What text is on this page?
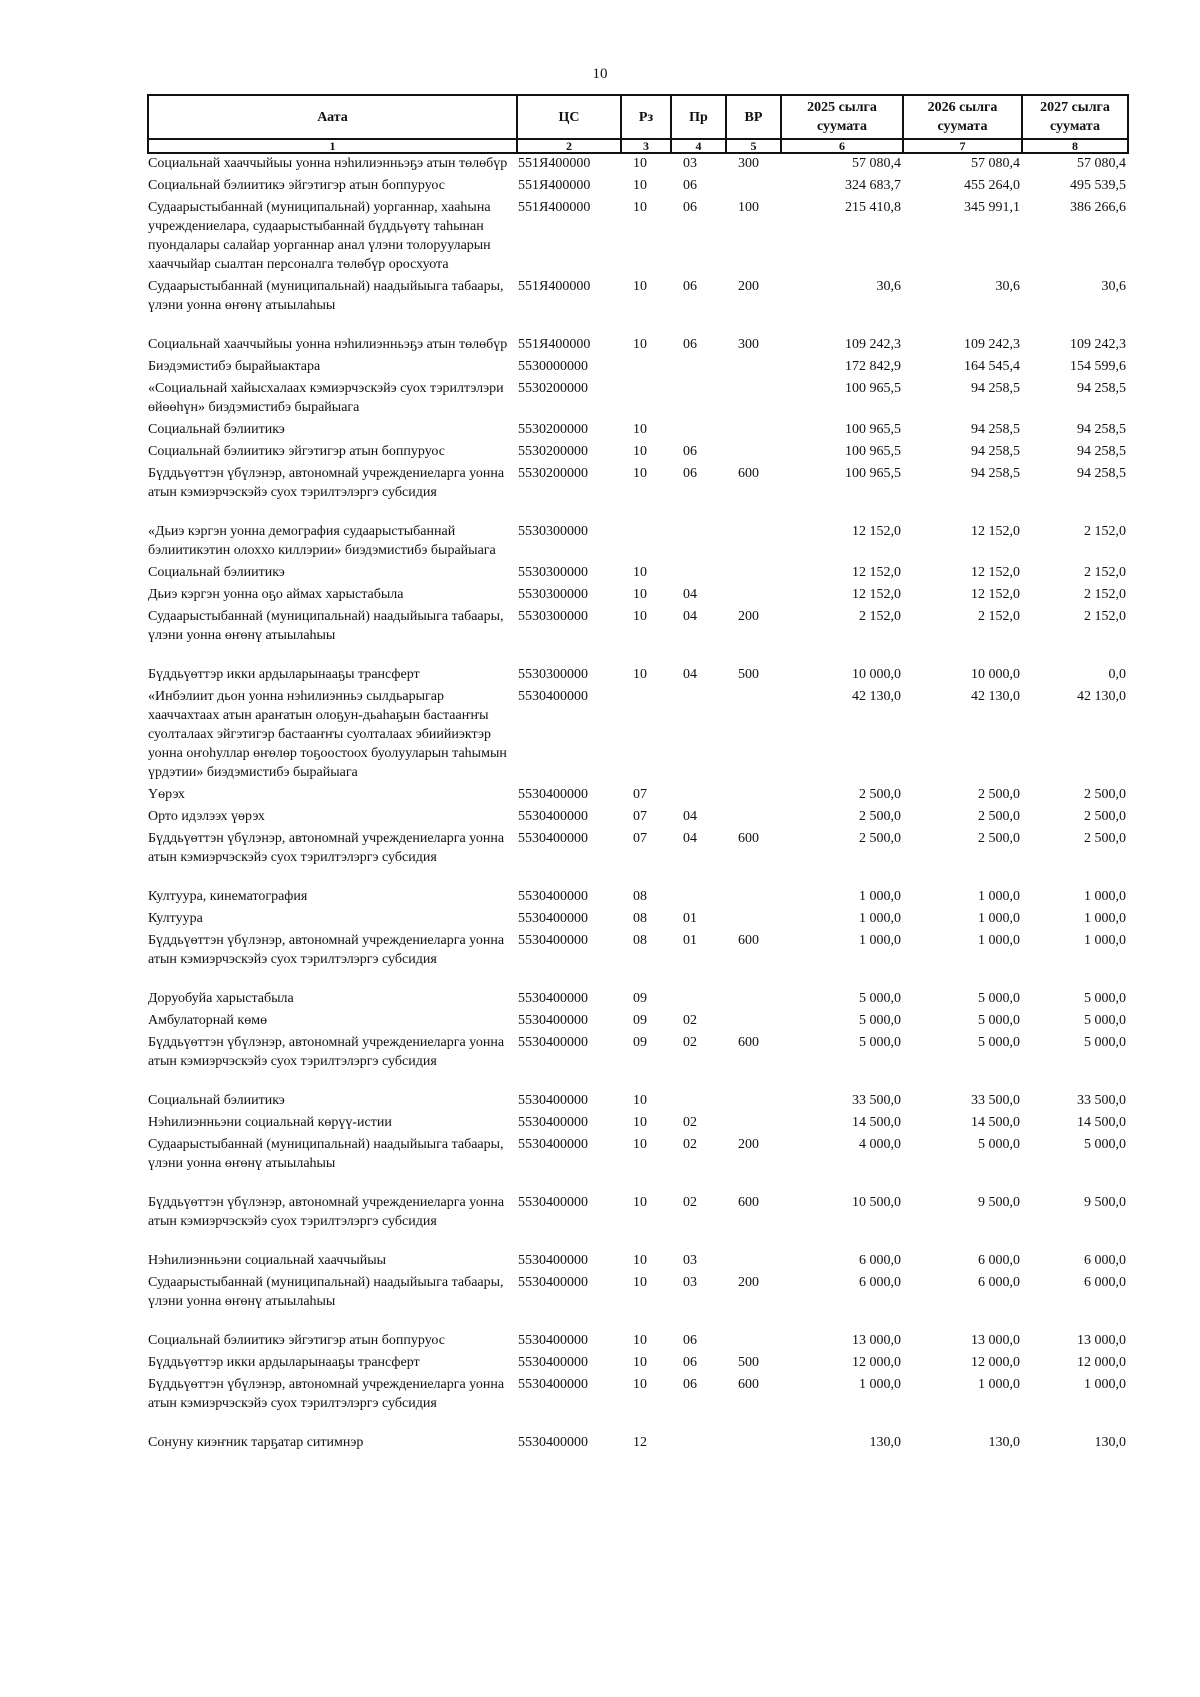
10
Аата	ЦС	Рз	Пр	ВР	2025 сылга суумата	2026 сылга суумата	2027 сылга суумата
1	2	3	4	5	6	7	8
Социальнай хааччыйыы уонна нэһилиэнньэҕэ атын төлөбүр	551Я400000	10	03	300	57 080,4	57 080,4	57 080,4
Социальнай бэлиитикэ эйгэтигэр атын боппуруос	551Я400000	10	06		324 683,7	455 264,0	495 539,5
Судаарыстыбаннай (муниципальнай) уорганнар, хааһына учреждениелара, судаарыстыбаннай бүддьүөтү таһынан пуондалары салайар уорганнар анал үлэни толорууларын хааччыйар сыалтан персоналга төлөбүр оросхуота	551Я400000	10	06	100	215 410,8	345 991,1	386 266,6
Судаарыстыбаннай (муниципальнай) наадыйыыга табаары, үлэни уонна өҥөнү атыылаһыы	551Я400000	10	06	200	30,6	30,6	30,6
Социальнай хааччыйыы уонна нэһилиэнньэҕэ атын төлөбүр	551Я400000	10	06	300	109 242,3	109 242,3	109 242,3
Биэдэмистибэ бырайыактара	5530000000				172 842,9	164 545,4	154 599,6
«Социальнай хайысхалаах кэмиэрчэскэйэ суох тэрилтэлэри өйөөһүн» биэдэмистибэ бырайыага	5530200000				100 965,5	94 258,5	94 258,5
Социальнай бэлиитикэ	5530200000	10			100 965,5	94 258,5	94 258,5
Социальнай бэлиитикэ эйгэтигэр атын боппуруос	5530200000	10	06		100 965,5	94 258,5	94 258,5
Бүддьүөттэн үбүлэнэр, автономнай учреждениеларга уонна атын кэмиэрчэскэйэ суох тэрилтэлэргэ субсидия	5530200000	10	06	600	100 965,5	94 258,5	94 258,5
«Дьиэ кэргэн уонна демография судаарыстыбаннай бэлиитикэтин олоххо киллэрии» биэдэмистибэ бырайыага	5530300000				12 152,0	12 152,0	2 152,0
Социальнай бэлиитикэ	5530300000	10			12 152,0	12 152,0	2 152,0
Дьиэ кэргэн уонна оҕо аймах харыстабыла	5530300000	10	04		12 152,0	12 152,0	2 152,0
Судаарыстыбаннай (муниципальнай) наадыйыыга табаары, үлэни уонна өҥөнү атыылаһыы	5530300000	10	04	200	2 152,0	2 152,0	2 152,0
Бүддьүөттэр икки ардыларынааҕы трансферт	5530300000	10	04	500	10 000,0	10 000,0	0,0
«Инбэлиит дьон уонна нэһилиэнньэ сылдьарыгар хааччахтаах атын араҥатын олоҕун-дьаһаҕын бастааҥҥы суолталаах эйгэтигэр бастааҥҥы суолталаах эбиийиэктэр уонна оҥоһуллар өҥөлөр тоҕоостоох буолууларын таһымын үрдэтии» биэдэмистибэ бырайыага	5530400000				42 130,0	42 130,0	42 130,0
Үөрэх	5530400000	07			2 500,0	2 500,0	2 500,0
Орто идэлээх үөрэх	5530400000	07	04		2 500,0	2 500,0	2 500,0
Бүддьүөттэн үбүлэнэр, автономнай учреждениеларга уонна атын кэмиэрчэскэйэ суох тэрилтэлэргэ субсидия	5530400000	07	04	600	2 500,0	2 500,0	2 500,0
Култуура, кинематография	5530400000	08			1 000,0	1 000,0	1 000,0
Култуура	5530400000	08	01		1 000,0	1 000,0	1 000,0
Бүддьүөттэн үбүлэнэр, автономнай учреждениеларга уонна атын кэмиэрчэскэйэ суох тэрилтэлэргэ субсидия	5530400000	08	01	600	1 000,0	1 000,0	1 000,0
Доруобуйа харыстабыла	5530400000	09			5 000,0	5 000,0	5 000,0
Амбулаторнай көмө	5530400000	09	02		5 000,0	5 000,0	5 000,0
Бүддьүөттэн үбүлэнэр, автономнай учреждениеларга уонна атын кэмиэрчэскэйэ суох тэрилтэлэргэ субсидия	5530400000	09	02	600	5 000,0	5 000,0	5 000,0
Социальнай бэлиитикэ	5530400000	10			33 500,0	33 500,0	33 500,0
Нэһилиэнньэни социальнай көрүү-истии	5530400000	10	02		14 500,0	14 500,0	14 500,0
Судаарыстыбаннай (муниципальнай) наадыйыыга табаары, үлэни уонна өҥөнү атыылаһыы	5530400000	10	02	200	4 000,0	5 000,0	5 000,0
Бүддьүөттэн үбүлэнэр, автономнай учреждениеларга уонна атын кэмиэрчэскэйэ суох тэрилтэлэргэ субсидия	5530400000	10	02	600	10 500,0	9 500,0	9 500,0
Нэһилиэнньэни социальнай хааччыйыы	5530400000	10	03		6 000,0	6 000,0	6 000,0
Судаарыстыбаннай (муниципальнай) наадыйыыга табаары, үлэни уонна өҥөнү атыылаһыы	5530400000	10	03	200	6 000,0	6 000,0	6 000,0
Социальнай бэлиитикэ эйгэтигэр атын боппуруос	5530400000	10	06		13 000,0	13 000,0	13 000,0
Бүддьүөттэр икки ардыларынааҕы трансферт	5530400000	10	06	500	12 000,0	12 000,0	12 000,0
Бүддьүөттэн үбүлэнэр, автономнай учреждениеларга уонна атын кэмиэрчэскэйэ суох тэрилтэлэргэ субсидия	5530400000	10	06	600	1 000,0	1 000,0	1 000,0
Сонуну киэҥник тарҕатар ситимнэр	5530400000	12			130,0	130,0	130,0
